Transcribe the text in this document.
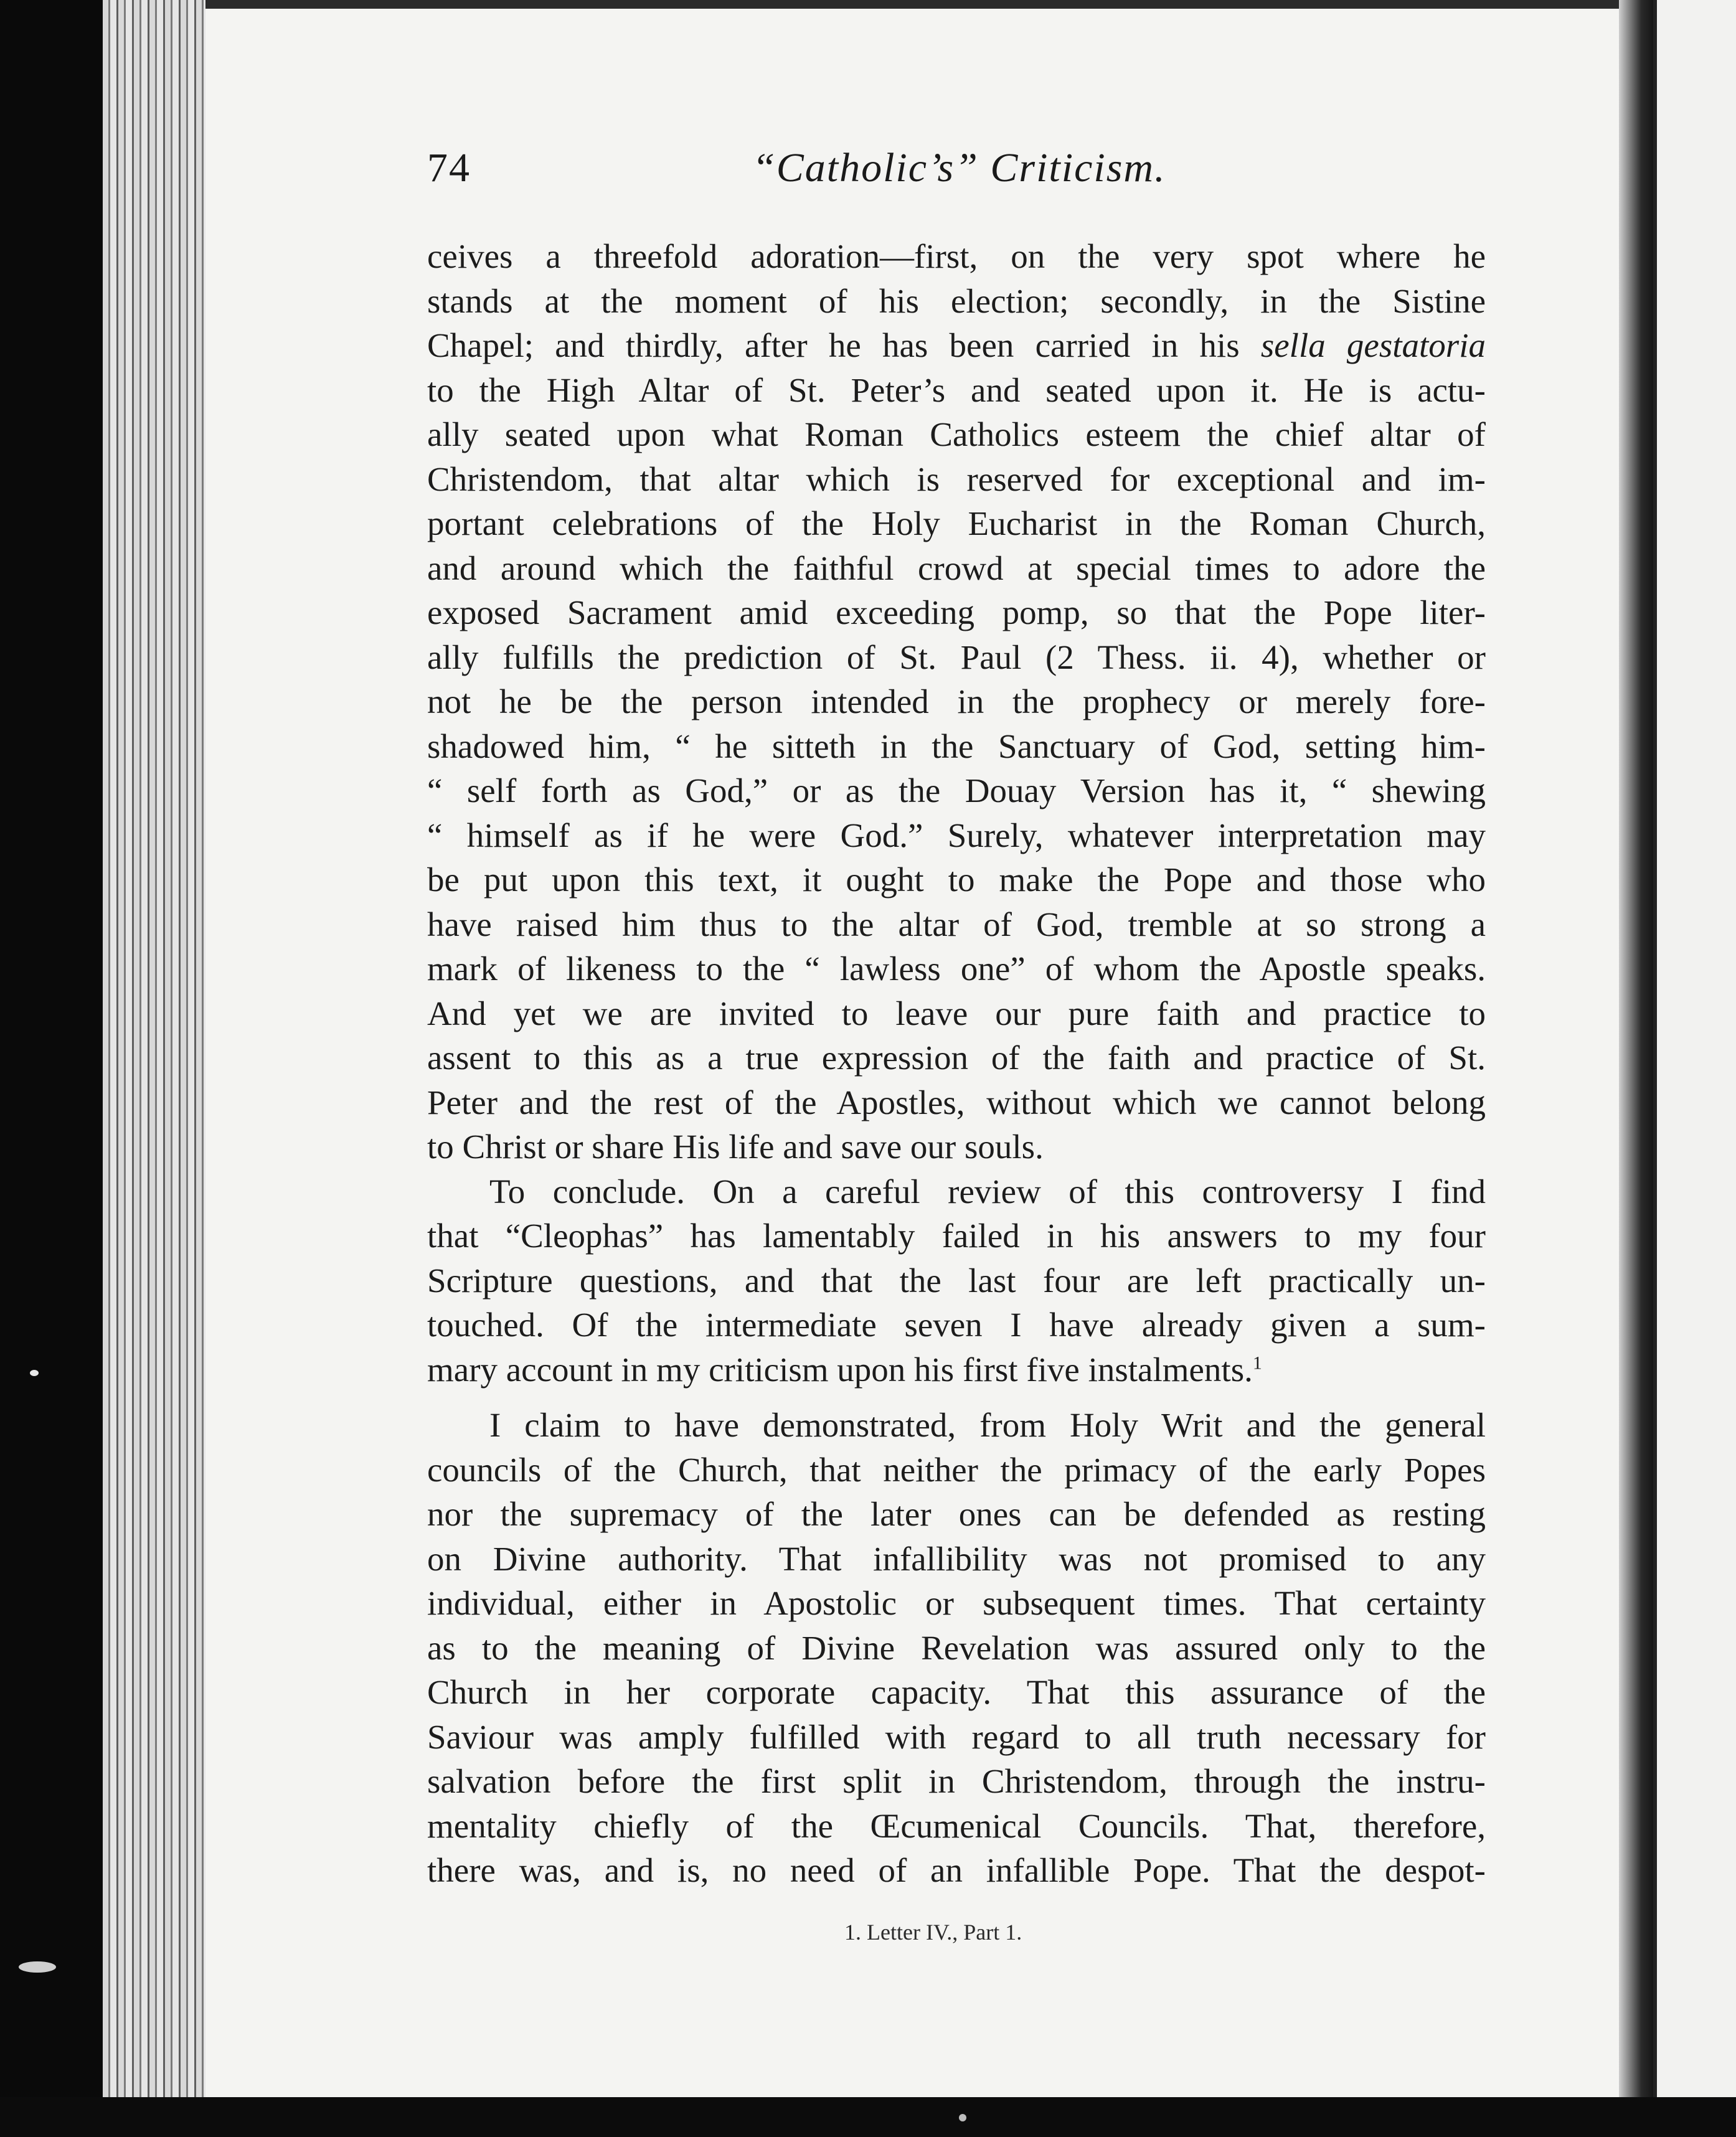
74	“Catholic’s” Criticism.
ceives a threefold adoration—first, on the very spot where he
stands at the moment of his election; secondly, in the Sistine
Chapel; and thirdly, after he has been carried in his sella gestatoria
to the High Altar of St. Peter’s and seated upon it. He is actu-
ally seated upon what Roman Catholics esteem the chief altar of
Christendom, that altar which is reserved for exceptional and im-
portant celebrations of the Holy Eucharist in the Roman Church,
and around which the faithful crowd at special times to adore the
exposed Sacrament amid exceeding pomp, so that the Pope liter-
ally fulfills the prediction of St. Paul (2 Thess. ii. 4), whether or
not he be the person intended in the prophecy or merely fore-
shadowed him, “ he sitteth in the Sanctuary of God, setting him-
“ self forth as God,” or as the Douay Version has it, “ shewing
“ himself as if he were God.” Surely, whatever interpretation may
be put upon this text, it ought to make the Pope and those who
have raised him thus to the altar of God, tremble at so strong a
mark of likeness to the “ lawless one” of whom the Apostle speaks.
And yet we are invited to leave our pure faith and practice to
assent to this as a true expression of the faith and practice of St.
Peter and the rest of the Apostles, without which we cannot belong
to Christ or share His life and save our souls.
To conclude. On a careful review of this controversy I find
that “Cleophas” has lamentably failed in his answers to my four
Scripture questions, and that the last four are left practically un-
touched. Of the intermediate seven I have already given a sum-
mary account in my criticism upon his first five instalments.$^1$
I claim to have demonstrated, from Holy Writ and the general
councils of the Church, that neither the primacy of the early Popes
nor the supremacy of the later ones can be defended as resting
on Divine authority. That infallibility was not promised to any
individual, either in Apostolic or subsequent times. That certainty
as to the meaning of Divine Revelation was assured only to the
Church in her corporate capacity. That this assurance of the
Saviour was amply fulfilled with regard to all truth necessary for
salvation before the first split in Christendom, through the instru-
mentality chiefly of the Œcumenical Councils. That, therefore,
there was, and is, no need of an infallible Pope. That the despot-
1. Letter IV., Part 1.
